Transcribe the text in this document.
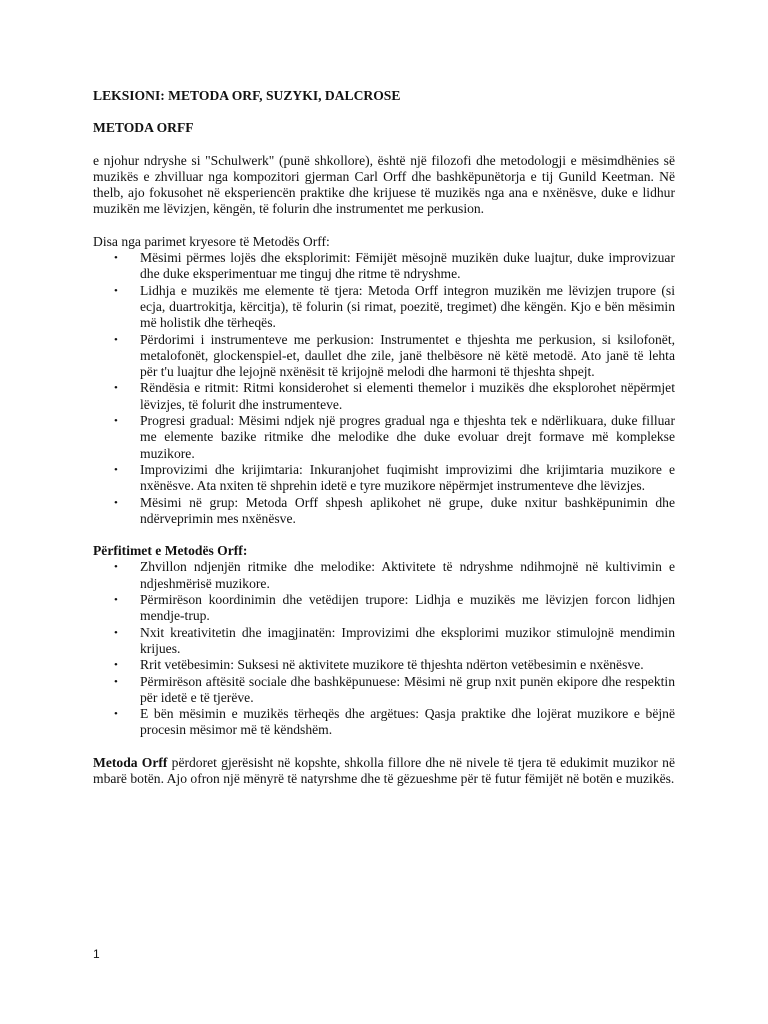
LEKSIONI: METODA ORF, SUZYKI, DALCROSE
METODA ORFF

e njohur ndryshe si "Schulwerk" (punë shkollore), është një filozofi dhe metodologji e mësimdhënies së muzikës e zhvilluar nga kompozitori gjerman Carl Orff dhe bashkëpunëtorja e tij Gunild Keetman. Në thelb, ajo fokusohet në eksperiencën praktike dhe krijuese të muzikës nga ana e nxënësve, duke e lidhur muzikën me lëvizjen, këngën, të folurin dhe instrumentet me perkusion.

Disa nga parimet kryesore të Metodës Orff:

• Mësimi përmes lojës dhe eksplorimit: Fëmijët mësojnë muzikën duke luajtur, duke improvizuar dhe duke eksperimentuar me tinguj dhe ritme të ndryshme.
• Lidhja e muzikës me elemente të tjera: Metoda Orff integron muzikën me lëvizjen trupore (si ecja, duartrokitja, kërcitja), të folurin (si rimat, poezitë, tregimet) dhe këngën. Kjo e bën mësimin më holistik dhe tërheqës.
• Përdorimi i instrumenteve me perkusion: Instrumentet e thjeshta me perkusion, si ksilofonët, metalofonët, glockenspiel-et, daullet dhe zile, janë thelbësore në këtë metodë. Ato janë të lehta për t'u luajtur dhe lejojnë nxënësit të krijojnë melodi dhe harmoni të thjeshta shpejt.
• Rëndësia e ritmit: Ritmi konsiderohet si elementi themelor i muzikës dhe eksplorohet nëpërmjet lëvizjes, të folurit dhe instrumenteve.
• Progresi gradual: Mësimi ndjek një progres gradual nga e thjeshta tek e ndërlikuara, duke filluar me elemente bazike ritmike dhe melodike dhe duke evoluar drejt formave më komplekse muzikore.
• Improvizimi dhe krijimtaria: Inkuranjohet fuqimisht improvizimi dhe krijimtaria muzikore e nxënësve. Ata nxiten të shprehin idetë e tyre muzikore nëpërmjet instrumenteve dhe lëvizjes.
• Mësimi në grup: Metoda Orff shpesh aplikohet në grupe, duke nxitur bashkëpunimin dhe ndërveprimin mes nxënësve.

Përfitimet e Metodës Orff:

• Zhvillon ndjenjën ritmike dhe melodike: Aktivitete të ndryshme ndihmojnë në kultivimin e ndjeshmërisë muzikore.
• Përmirëson koordinimin dhe vetëdijen trupore: Lidhja e muzikës me lëvizjen forcon lidhjen mendje-trup.
• Nxit kreativitetin dhe imagjinatën: Improvizimi dhe eksplorimi muzikor stimulojnë mendimin krijues.
• Rrit vetëbesimin: Suksesi në aktivitete muzikore të thjeshta ndërton vetëbesimin e nxënësve.
• Përmirëson aftësitë sociale dhe bashkëpunuese: Mësimi në grup nxit punën ekipore dhe respektin për idetë e të tjerëve.
• E bën mësimin e muzikës tërheqës dhe argëtues: Qasja praktike dhe lojërat muzikore e bëjnë procesin mësimor më të këndshëm.

Metoda Orff përdoret gjerësisht në kopshte, shkolla fillore dhe në nivele të tjera të edukimit muzikor në mbarë botën. Ajo ofron një mënyrë të natyrshme dhe të gëzueshme për të futur fëmijët në botën e muzikës.

1
